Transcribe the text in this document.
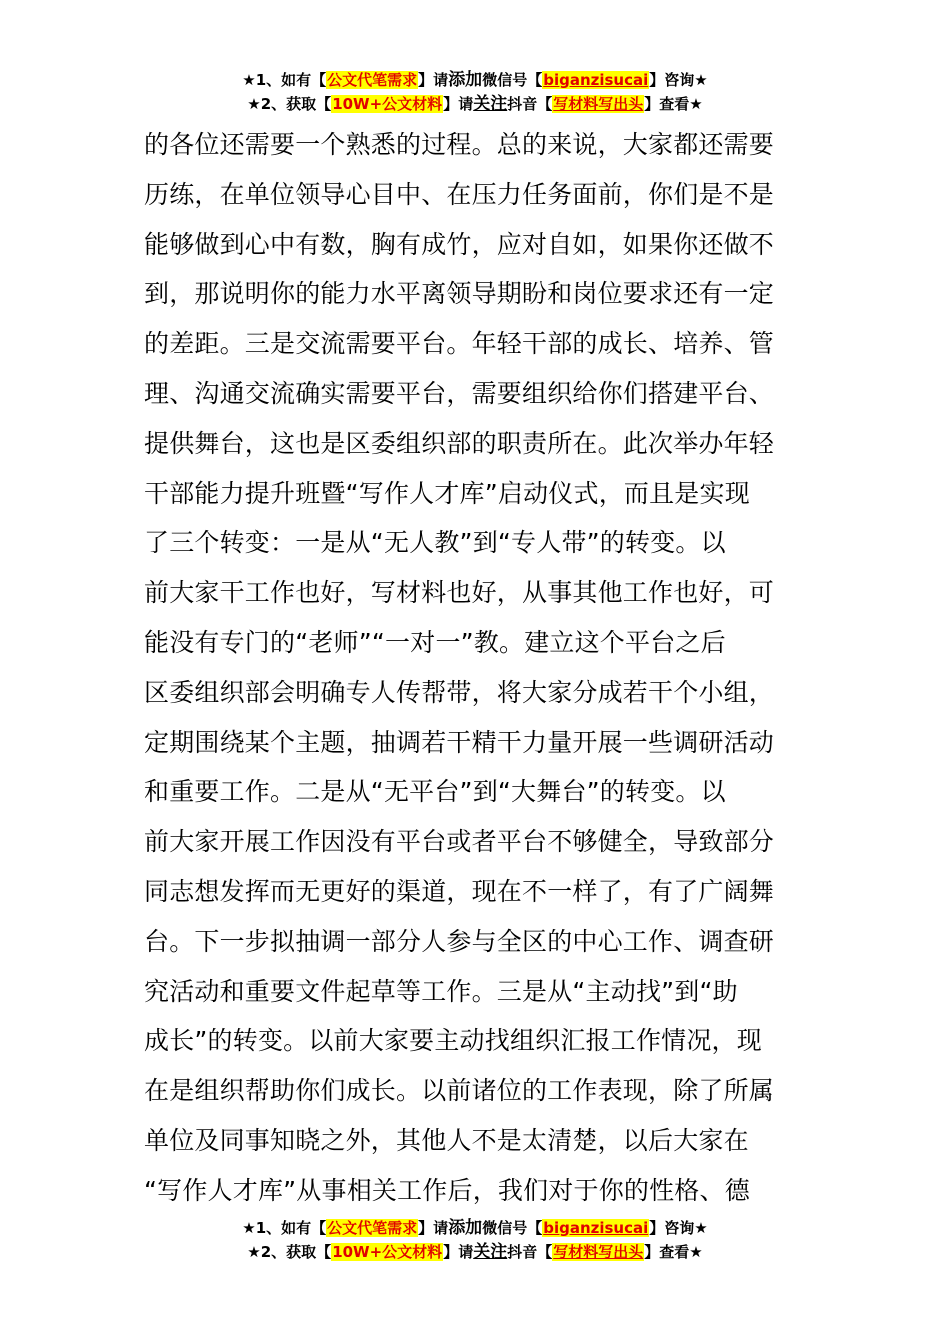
★1、如有【公文代笔需求】请添加微信号【biganzisucai】咨询★
★2、获取【10W+公文材料】请关注抖音【写材料写出头】查看★
的各位还需要一个熟悉的过程。总的来说，大家都还需要
历练，在单位领导心目中、在压力任务面前，你们是不是
能够做到心中有数，胸有成竹，应对自如，如果你还做不
到，那说明你的能力水平离领导期盼和岗位要求还有一定
的差距。三是交流需要平台。年轻干部的成长、培养、管
理、沟通交流确实需要平台，需要组织给你们搭建平台、
提供舞台，这也是区委组织部的职责所在。此次举办年轻
干部能力提升班暨“写作人才库”启动仪式，而且是实现
了三个转变：一是从“无人教”到“专人带”的转变。以
前大家干工作也好，写材料也好，从事其他工作也好，可
能没有专门的“老师”“一对一”教。建立这个平台之后
区委组织部会明确专人传帮带，将大家分成若干个小组，
定期围绕某个主题，抽调若干精干力量开展一些调研活动
和重要工作。二是从“无平台”到“大舞台”的转变。以
前大家开展工作因没有平台或者平台不够健全，导致部分
同志想发挥而无更好的渠道，现在不一样了，有了广阔舞
台。下一步拟抽调一部分人参与全区的中心工作、调查研
究活动和重要文件起草等工作。三是从“主动找”到“助
成长”的转变。以前大家要主动找组织汇报工作情况，现
在是组织帮助你们成长。以前诸位的工作表现，除了所属
单位及同事知晓之外，其他人不是太清楚，以后大家在
“写作人才库”从事相关工作后，我们对于你的性格、德
★1、如有【公文代笔需求】请添加微信号【biganzisucai】咨询★
★2、获取【10W+公文材料】请关注抖音【写材料写出头】查看★
